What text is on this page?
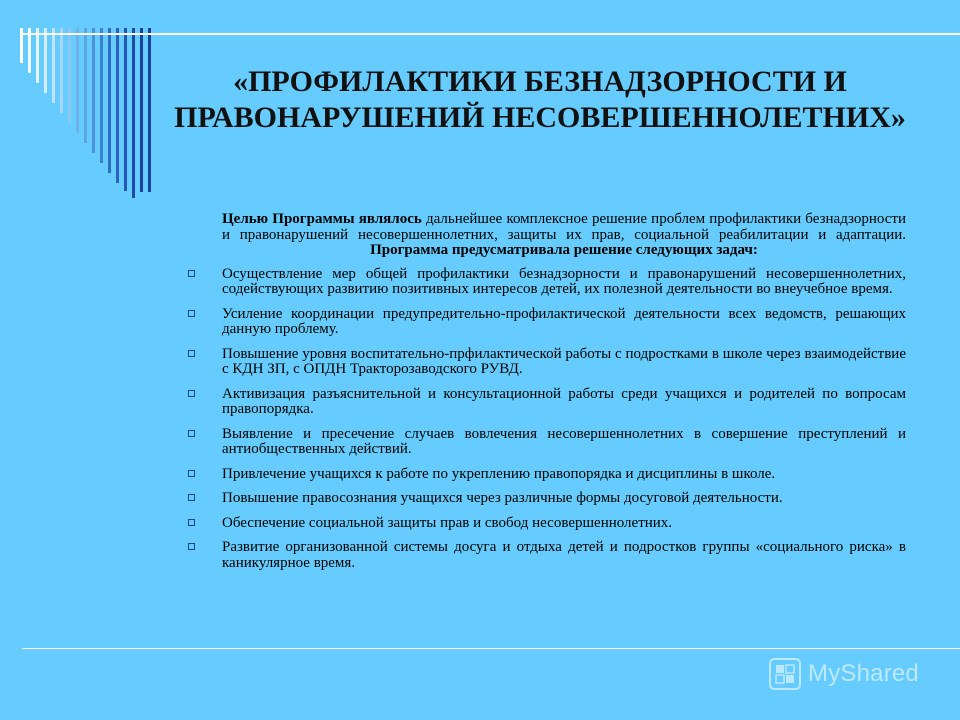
«ПРОФИЛАКТИКИ БЕЗНАДЗОРНОСТИ И ПРАВОНАРУШЕНИЙ НЕСОВЕРШЕННОЛЕТНИХ»
Целью Программы являлось дальнейшее комплексное решение проблем профилактики безнадзорности и правонарушений несовершеннолетних, защиты их прав, социальной реабилитации и адаптации.
Программа предусматривала решение следующих задач:
Осуществление мер общей профилактики безнадзорности и правонарушений несовершеннолетних, содействующих развитию позитивных интересов детей, их полезной деятельности во внеучебное время.
Усиление координации предупредительно-профилактической деятельности всех ведомств, решающих данную проблему.
Повышение уровня воспитательно-прфилактической работы с подростками в школе через взаимодействие с КДН ЗП, с ОПДН Тракторозаводского РУВД.
Активизация разъяснительной и консультационной работы среди учащихся и родителей по вопросам правопорядка.
Выявление и пресечение случаев вовлечения несовершеннолетних в совершение преступлений и антиобщественных действий.
Привлечение учащихся к работе по укреплению правопорядка и дисциплины в школе.
Повышение правосознания учащихся через различные формы досуговой деятельности.
Обеспечение социальной защиты прав и свобод несовершеннолетних.
Развитие организованной системы досуга и отдыха детей и подростков группы «социального риска» в каникулярное время.
MyShared
